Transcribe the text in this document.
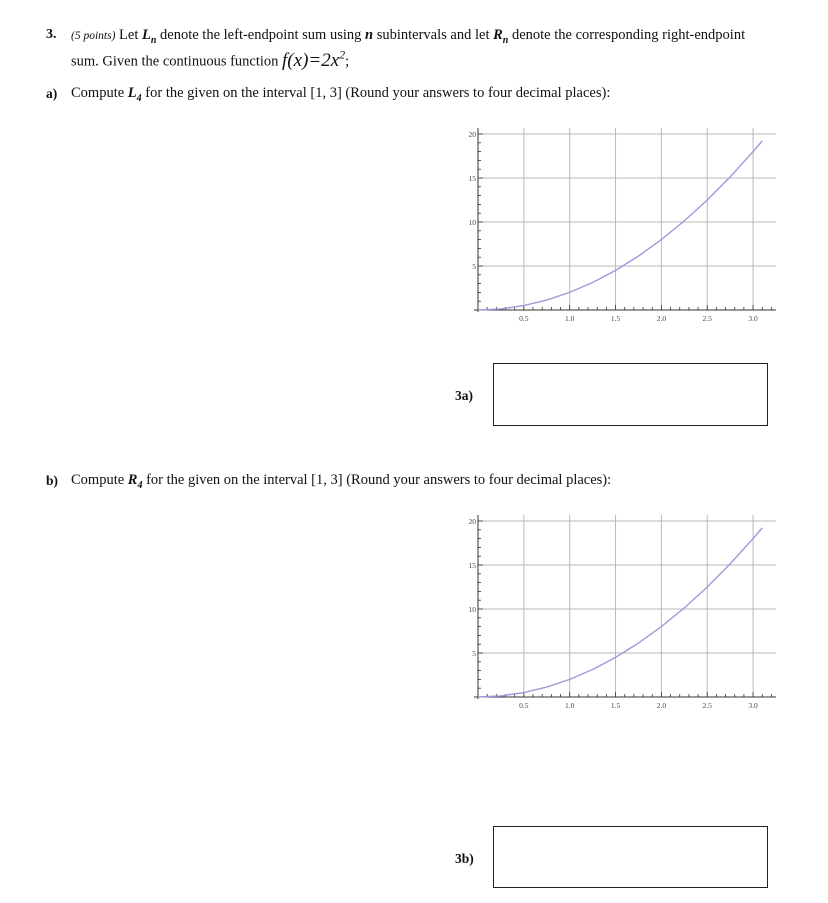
3. (5 points) Let $L_n$ denote the left-endpoint sum using n subintervals and let $R_n$ denote the corresponding right-endpoint
sum. Given the continuous function $f(x)=2x^2$;
a) Compute $L_4$ for the given on the interval [1, 3] (Round your answers to four decimal places):
0.5	1.0	1.5	2.0	2.5	3.0
5
10
15
20
3a)
b) Compute $R_4$ for the given on the interval [1, 3] (Round your answers to four decimal places):
0.5	1.0	1.5	2.0	2.5	3.0
5
10
15
20
3b)
